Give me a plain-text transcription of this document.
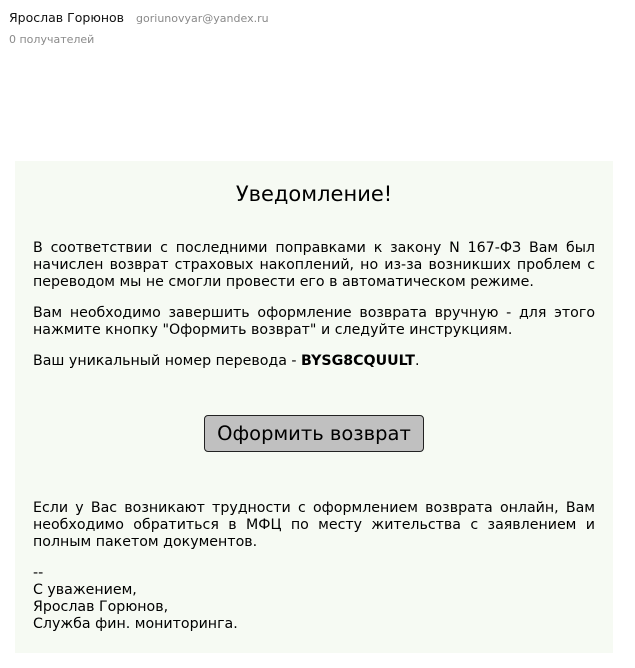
Ярослав Горюнов goriunovyar@yandex.ru
0 получателей
Уведомление!

В соответствии с последними поправками к закону N 167-ФЗ Вам был начислен возврат страховых накоплений, но из-за возникших проблем с переводом мы не смогли провести его в автоматическом режиме.

Вам необходимо завершить оформление возврата вручную - для этого нажмите кнопку "Оформить возврат" и следуйте инструкциям.

Ваш уникальный номер перевода - BYSG8CQUULT.

Оформить возврат

Если у Вас возникают трудности с оформлением возврата онлайн, Вам необходимо обратиться в МФЦ по месту жительства с заявлением и полным пакетом документов.

--
С уважением,
Ярослав Горюнов,
Служба фин. мониторинга.
